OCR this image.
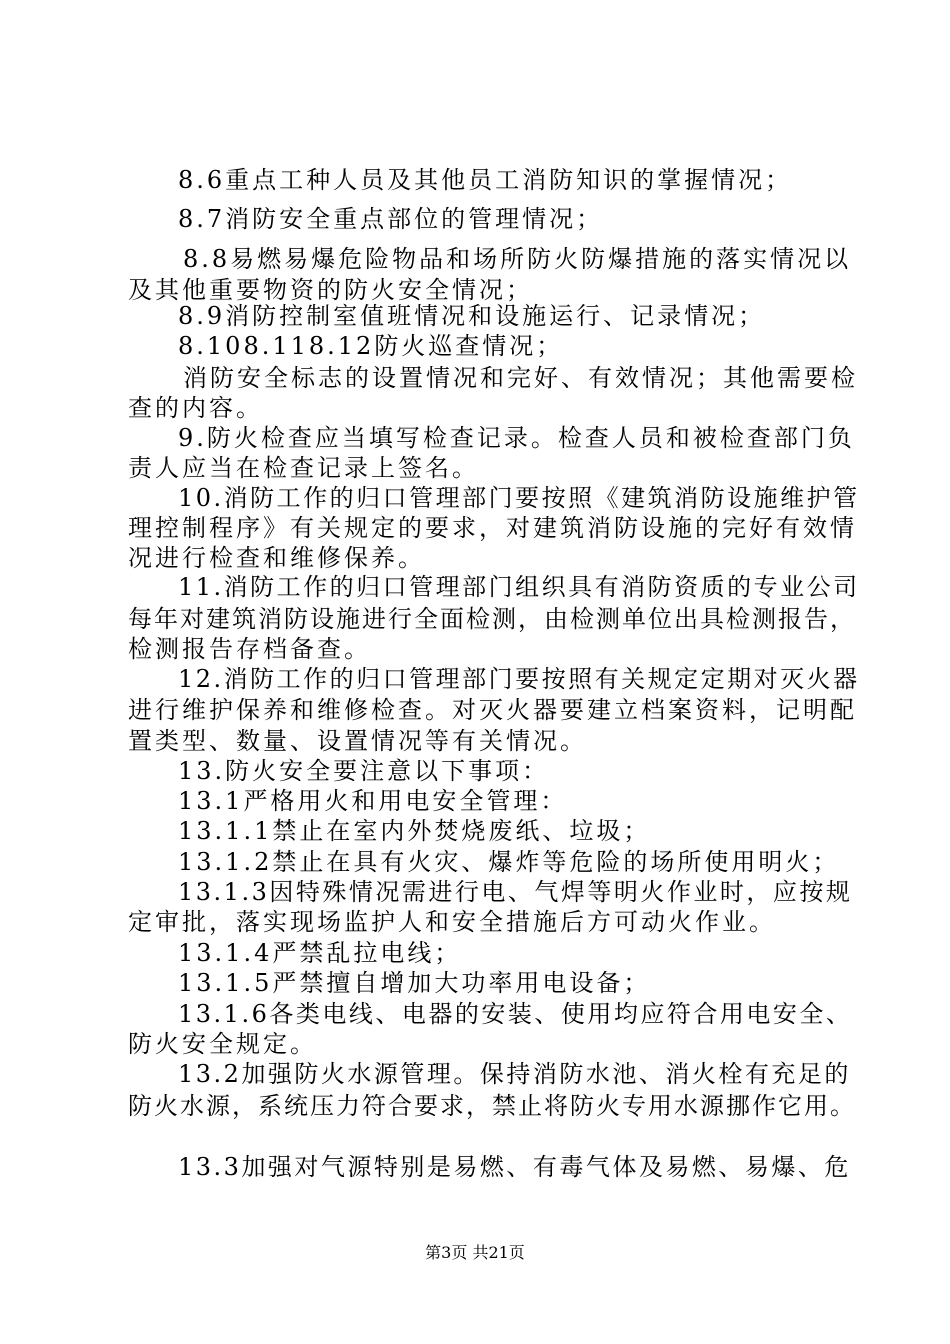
8.6重点工种人员及其他员工消防知识的掌握情况；
8.7消防安全重点部位的管理情况；
8.8易燃易爆危险物品和场所防火防爆措施的落实情况以
及其他重要物资的防火安全情况；
8.9消防控制室值班情况和设施运行、记录情况；
8.108.118.12防火巡查情况；
消防安全标志的设置情况和完好、有效情况；其他需要检
查的内容。
9.防火检查应当填写检查记录。检查人员和被检查部门负
责人应当在检查记录上签名。
10.消防工作的归口管理部门要按照《建筑消防设施维护管
理控制程序》有关规定的要求，对建筑消防设施的完好有效情
况进行检查和维修保养。
11.消防工作的归口管理部门组织具有消防资质的专业公司
每年对建筑消防设施进行全面检测，由检测单位出具检测报告，
检测报告存档备查。
12.消防工作的归口管理部门要按照有关规定定期对灭火器
进行维护保养和维修检查。对灭火器要建立档案资料，记明配
置类型、数量、设置情况等有关情况。
13.防火安全要注意以下事项：
13.1严格用火和用电安全管理：
13.1.1禁止在室内外焚烧废纸、垃圾；
13.1.2禁止在具有火灾、爆炸等危险的场所使用明火；
13.1.3因特殊情况需进行电、气焊等明火作业时，应按规
定审批，落实现场监护人和安全措施后方可动火作业。
13.1.4严禁乱拉电线；
13.1.5严禁擅自增加大功率用电设备；
13.1.6各类电线、电器的安装、使用均应符合用电安全、
防火安全规定。
13.2加强防火水源管理。保持消防水池、消火栓有充足的
防火水源，系统压力符合要求，禁止将防火专用水源挪作它用。
13.3加强对气源特别是易燃、有毒气体及易燃、易爆、危
第3页 共21页
